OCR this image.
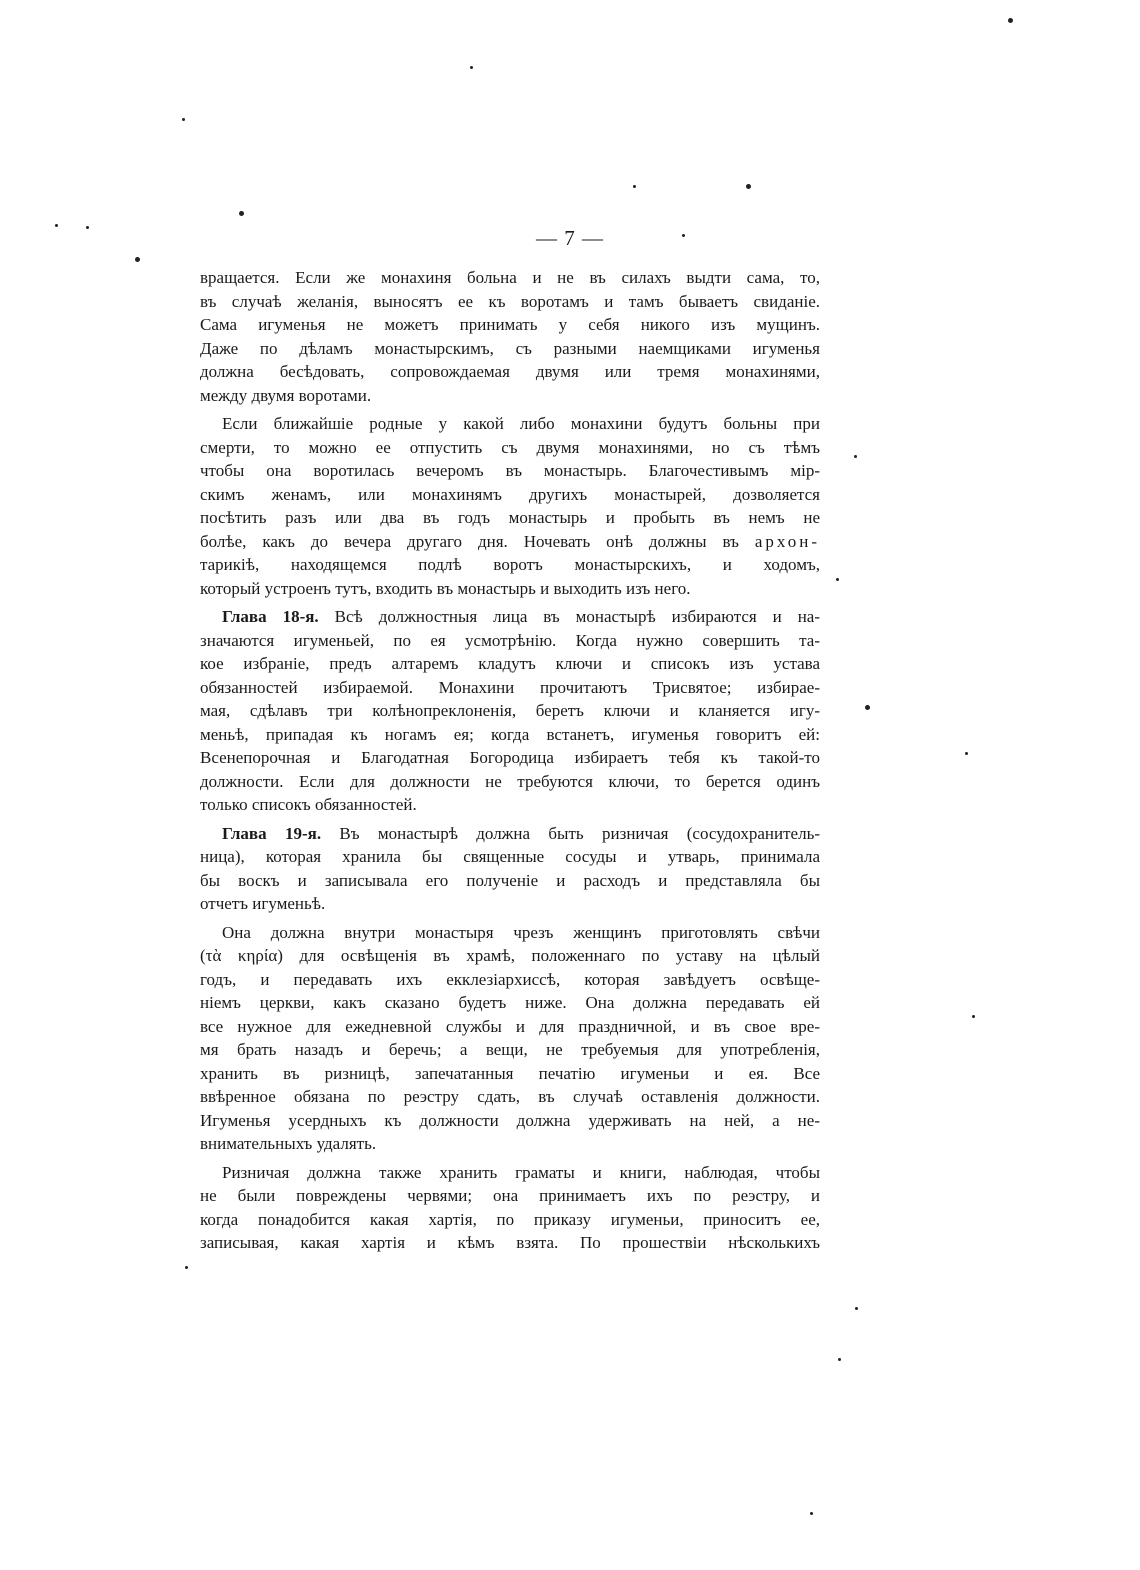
— 7 —

вращается. Если же монахиня больна и не въ силахъ выдти сама, то,
въ случаѣ желанія, выносятъ ее къ воротамъ и тамъ бываетъ свиданіе.
Сама игуменья не можетъ принимать у себя никого изъ мущинъ.
Даже по дѣламъ монастырскимъ, съ разными наемщиками игуменья
должна бесѣдовать, сопровождаемая двумя или тремя монахинями,
между двумя воротами.

Если ближайшіе родные у какой либо монахини будутъ больны при
смерти, то можно ее отпустить съ двумя монахинями, но съ тѣмъ
чтобы она воротилась вечеромъ въ монастырь. Благочестивымъ мір-
скимъ женамъ, или монахинямъ другихъ монастырей, дозволяется
посѣтить разъ или два въ годъ монастырь и пробыть въ немъ не
болѣе, какъ до вечера другаго дня. Ночевать онѣ должны въ архон-
тарикіѣ, находящемся подлѣ воротъ монастырскихъ, и ходомъ,
который устроенъ тутъ, входить въ монастырь и выходить изъ него.

Глава 18-я. Всѣ должностныя лица въ монастырѣ избираются и на-
значаются игуменьей, по ея усмотрѣнію. Когда нужно совершить та-
кое избраніе, предъ алтаремъ кладутъ ключи и списокъ изъ устава
обязанностей избираемой. Монахини прочитаютъ Трисвятое; избирае-
мая, сдѣлавъ три колѣнопреклоненія, беретъ ключи и кланяется игу-
меньѣ, припадая къ ногамъ ея; когда встанетъ, игуменья говоритъ ей:
Всенепорочная и Благодатная Богородица избираетъ тебя къ такой-то
должности. Если для должности не требуются ключи, то берется одинъ
только списокъ обязанностей.

Глава 19-я. Въ монастырѣ должна быть ризничая (сосудохранитель-
ница), которая хранила бы священные сосуды и утварь, принимала
бы воскъ и записывала его полученіе и расходъ и представляла бы
отчетъ игуменьѣ.

Она должна внутри монастыря чрезъ женщинъ приготовлять свѣчи
(τὰ κηρία) для освѣщенія въ храмѣ, положеннаго по уставу на цѣлый
годъ, и передавать ихъ екклезіархиссѣ, которая завѣдуетъ освѣще-
ніемъ церкви, какъ сказано будетъ ниже. Она должна передавать ей
все нужное для ежедневной службы и для праздничной, и въ свое вре-
мя брать назадъ и беречь; а вещи, не требуемыя для употребленія,
хранить въ ризницѣ, запечатанныя печатію игуменьи и ея. Все
ввѣренное обязана по реэстру сдать, въ случаѣ оставленія должности.
Игуменья усердныхъ къ должности должна удерживать на ней, а не-
внимательныхъ удалять.

Ризничая должна также хранить граматы и книги, наблюдая, чтобы
не были повреждены червями; она принимаетъ ихъ по реэстру, и
когда понадобится какая хартія, по приказу игуменьи, приноситъ ее,
записывая, какая хартія и кѣмъ взята. По прошествіи нѣсколькихъ
